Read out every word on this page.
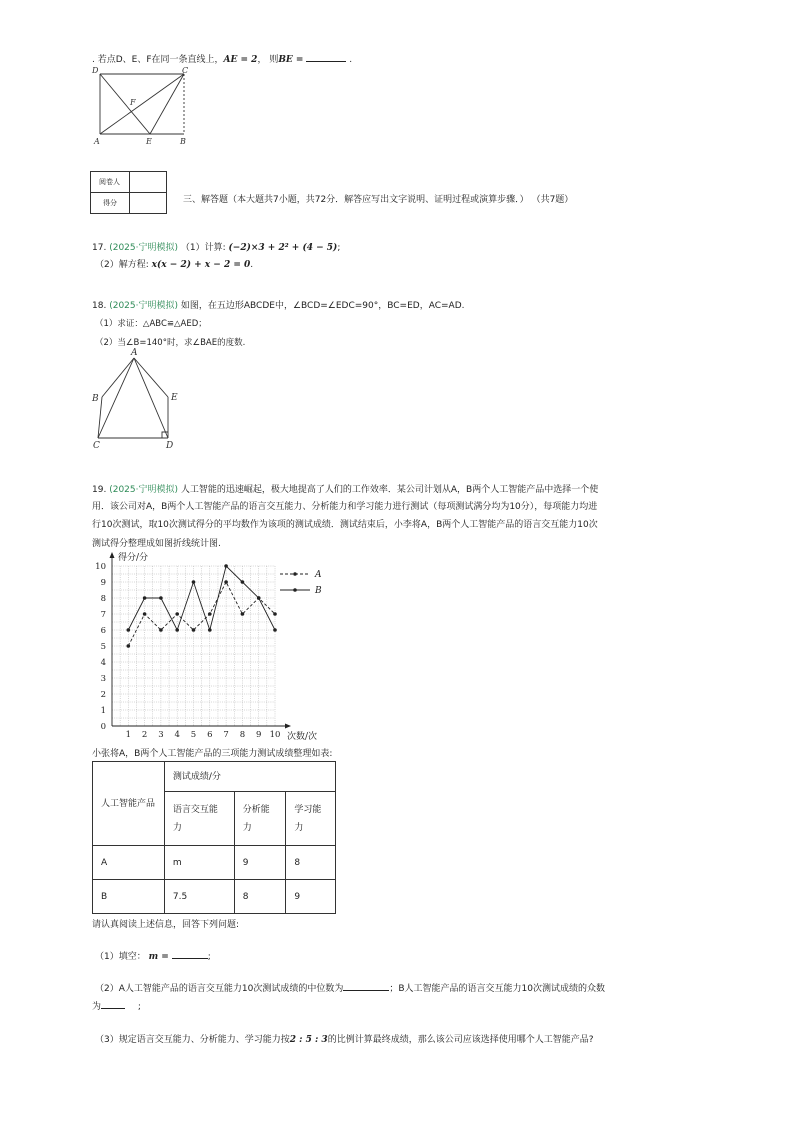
. 若点D、E、F在同一条直线上，AE = 2， 则BE =	.
D	C
F
A	E	B
阅卷人	
得分		三、解答题（本大题共7小题，共72分．解答应写出文字说明、证明过程或演算步骤．） （共7题）
17. (2025·宁明模拟) （1）计算: (−2)×3 + 2² + (4 − 5);
（2）解方程: x(x − 2) + x − 2 = 0.
18. (2025·宁明模拟) 如图，在五边形ABCDE中，∠BCD=∠EDC=90°，BC=ED，AC=AD.
（1）求证：△ABC≌△AED；
（2）当∠B=140°时，求∠BAE的度数.
A
B	E
C	D
19. (2025·宁明模拟) 人工智能的迅速崛起，极大地提高了人们的工作效率．某公司计划从A，B两个人工智能产品中选择一个使
用．该公司对A，B两个人工智能产品的语言交互能力、分析能力和学习能力进行测试（每项测试满分均为10分），每项能力均进
行10次测试，取10次测试得分的平均数作为该项的测试成绩．测试结束后，小李将A，B两个人工智能产品的语言交互能力10次
测试得分整理成如图折线统计图.
得分/分
次数/次
0
1
2
3
4
5
6
7
8
9
10
1 2 3 4 5 6 7 8 9 10
A
B
小张将A，B两个人工智能产品的三项能力测试成绩整理如表:
人工智能产品	测试成绩/分		
	语言交互能力	分析能力	学习能力
A	m	9	8
B	7.5	8	9
请认真阅读上述信息，回答下列问题:
（1）填空： m =	;
（2）A人工智能产品的语言交互能力10次测试成绩的中位数为	；B人工智能产品的语言交互能力10次测试成绩的众数
为	;
（3）规定语言交互能力、分析能力、学习能力按2 : 5 : 3的比例计算最终成绩，那么该公司应该选择使用哪个人工智能产品?
